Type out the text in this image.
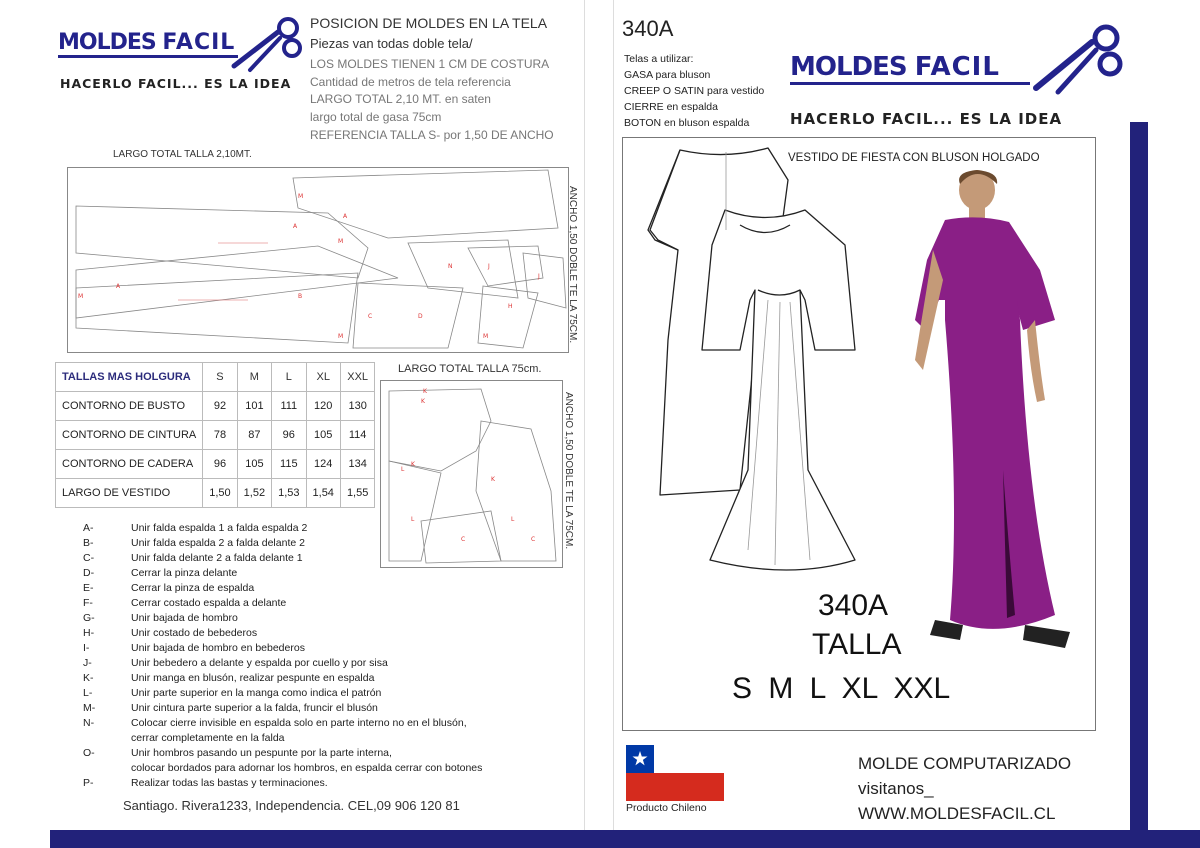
MOLDES FACIL
HACERLO FACIL... ES LA IDEA
POSICION DE MOLDES EN LA TELA
Piezas van todas doble tela/
LOS MOLDES TIENEN 1 CM DE COSTURA
Cantidad de metros de tela referencia
LARGO TOTAL 2,10 MT. en saten
largo total de gasa 75cm
REFERENCIA TALLA S- por 1,50 DE ANCHO
LARGO TOTAL TALLA 2,10MT.
M
A
A
M
M
A
B
C	D
N	J
H
J
M	M	ANCHO 1,50 DOBLE TE LA 75CM.
TALLAS MAS HOLGURA	S	M	L	XL	XXL
CONTORNO DE BUSTO	92	101	111	120	130
CONTORNO DE CINTURA	78	87	96	105	114
CONTORNO DE CADERA	96	105	115	124	134
LARGO DE VESTIDO	1,50	1,52	1,53	1,54	1,55
LARGO TOTAL TALLA 75cm.
K
K
K
L
K
L
C
L
C	ANCHO 1,50 DOBLE TE LA 75CM.
A-	Unir falda espalda 1 a falda espalda 2
B-	Unir falda espalda 2 a falda delante 2
C-	Unir falda delante 2 a falda delante 1
D-	Cerrar la pinza delante
E-	Cerrar la pinza de espalda
F-	Cerrar costado espalda a delante
G-	Unir bajada de hombro
H-	Unir costado de bebederos
I-	Unir bajada de hombro en bebederos
J-	Unir bebedero a delante y espalda por cuello y por sisa
K-	Unir manga en blusón, realizar pespunte en espalda
L-	Unir parte superior en la manga como indica el patrón
M-	Unir cintura parte superior a la falda, fruncir el blusón
N-	Colocar cierre invisible en espalda solo en parte interno no en el blusón,
cerrar completamente en la falda
O-	Unir hombros pasando un pespunte por la parte interna,
colocar bordados para adornar los hombros, en espalda cerrar con botones
P-	Realizar todas las bastas y terminaciones.
Santiago. Rivera1233, Independencia. CEL,09 906 120 81
340A
Telas a utilizar:
GASA para bluson
CREEP O SATIN para vestido
CIERRE en espalda
BOTON en bluson espalda
MOLDES FACIL
HACERLO FACIL... ES LA IDEA
VESTIDO DE FIESTA CON BLUSON HOLGADO
340A
TALLA
S M L XL XXL
Producto Chileno
MOLDE COMPUTARIZADO
visitanos_
WWW.MOLDESFACIL.CL
